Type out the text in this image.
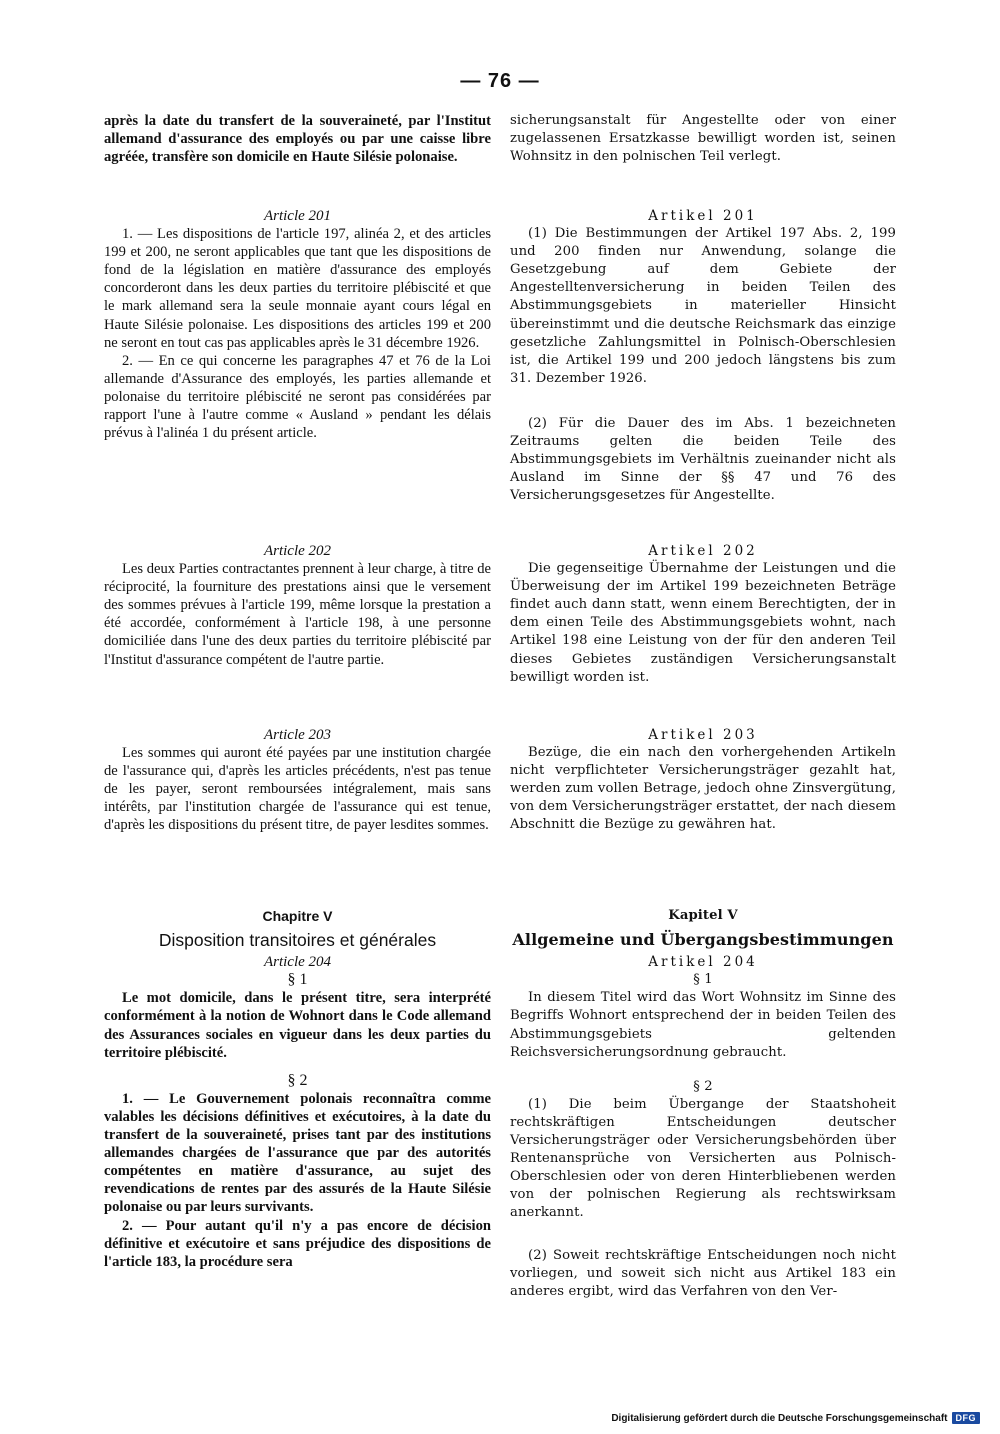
— 76 —

après la date du transfert de la souveraineté, par l'Institut allemand d'assurance des employés ou par une caisse libre agréée, transfère son domicile en Haute Silésie polonaise.

Article 201

1. — Les dispositions de l'article 197, alinéa 2, et des articles 199 et 200, ne seront applicables que tant que les dispositions de fond de la législation en matière d'assurance des employés concorderont dans les deux parties du territoire plébiscité et que le mark allemand sera la seule monnaie ayant cours légal en Haute Silésie polonaise. Les dispositions des articles 199 et 200 ne seront en tout cas pas applicables après le 31 décembre 1926.

2. — En ce qui concerne les paragraphes 47 et 76 de la Loi allemande d'Assurance des employés, les parties allemande et polonaise du territoire plébiscité ne seront pas considérées par rapport l'une à l'autre comme « Ausland » pendant les délais prévus à l'alinéa 1 du présent article.

Article 202

Les deux Parties contractantes prennent à leur charge, à titre de réciprocité, la fourniture des prestations ainsi que le versement des sommes prévues à l'article 199, même lorsque la prestation a été accordée, conformément à l'article 198, à une personne domiciliée dans l'une des deux parties du territoire plébiscité par l'Institut d'assurance compétent de l'autre partie.

Article 203

Les sommes qui auront été payées par une institution chargée de l'assurance qui, d'après les articles précédents, n'est pas tenue de les payer, seront remboursées intégralement, mais sans intérêts, par l'institution chargée de l'assurance qui est tenue, d'après les dispositions du présent titre, de payer lesdites sommes.

Chapitre V

Disposition transitoires et générales

Article 204

§ 1

Le mot domicile, dans le présent titre, sera interprété conformément à la notion de Wohnort dans le Code allemand des Assurances sociales en vigueur dans les deux parties du territoire plébiscité.

§ 2

1. — Le Gouvernement polonais reconnaîtra comme valables les décisions définitives et exécutoires, à la date du transfert de la souveraineté, prises tant par des institutions allemandes chargées de l'assurance que par des autorités compétentes en matière d'assurance, au sujet des revendications de rentes par des assurés de la Haute Silésie polonaise ou par leurs survivants.

2. — Pour autant qu'il n'y a pas encore de décision définitive et exécutoire et sans préjudice des dispositions de l'article 183, la procédure sera

sicherungsanstalt für Angestellte oder von einer zugelassenen Ersatzkasse bewilligt worden ist, seinen Wohnsitz in den polnischen Teil verlegt.

Artikel 201

(1) Die Bestimmungen der Artikel 197 Abs. 2, 199 und 200 finden nur Anwendung, solange die Gesetzgebung auf dem Gebiete der Angestelltenversicherung in beiden Teilen des Abstimmungsgebiets in materieller Hinsicht übereinstimmt und die deutsche Reichsmark das einzige gesetzliche Zahlungsmittel in Polnisch-Oberschlesien ist, die Artikel 199 und 200 jedoch längstens bis zum 31. Dezember 1926.

(2) Für die Dauer des im Abs. 1 bezeichneten Zeitraums gelten die beiden Teile des Abstimmungsgebiets im Verhältnis zueinander nicht als Ausland im Sinne der §§ 47 und 76 des Versicherungsgesetzes für Angestellte.

Artikel 202

Die gegenseitige Übernahme der Leistungen und die Überweisung der im Artikel 199 bezeichneten Beträge findet auch dann statt, wenn einem Berechtigten, der in dem einen Teile des Abstimmungsgebiets wohnt, nach Artikel 198 eine Leistung von der für den anderen Teil dieses Gebietes zuständigen Versicherungsanstalt bewilligt worden ist.

Artikel 203

Bezüge, die ein nach den vorhergehenden Artikeln nicht verpflichteter Versicherungsträger gezahlt hat, werden zum vollen Betrage, jedoch ohne Zinsvergütung, von dem Versicherungsträger erstattet, der nach diesem Abschnitt die Bezüge zu gewähren hat.

Kapitel V

Allgemeine und Übergangsbestimmungen

Artikel 204

§ 1

In diesem Titel wird das Wort Wohnsitz im Sinne des Begriffs Wohnort entsprechend der in beiden Teilen des Abstimmungsgebiets geltenden Reichsversicherungsordnung gebraucht.

§ 2

(1) Die beim Übergange der Staatshoheit rechtskräftigen Entscheidungen deutscher Versicherungsträger oder Versicherungsbehörden über Rentenansprüche von Versicherten aus Polnisch-Oberschlesien oder von deren Hinterbliebenen werden von der polnischen Regierung als rechtswirksam anerkannt.

(2) Soweit rechtskräftige Entscheidungen noch nicht vorliegen, und soweit sich nicht aus Artikel 183 ein anderes ergibt, wird das Verfahren von den Ver-

Digitalisierung gefördert durch die Deutsche Forschungsgemeinschaft DFG
